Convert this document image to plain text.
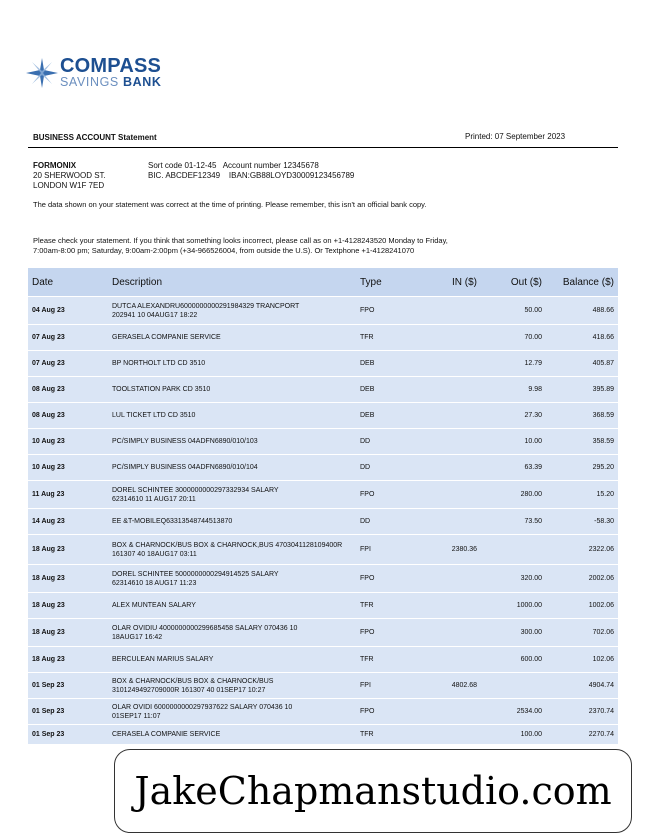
COMPASS
SAVINGS BANK
BUSINESS ACCOUNT Statement	Printed: 07 September 2023
FORMONIX
20 SHERWOOD ST.
LONDON W1F 7ED
Sort code 01-12-45   Account number 12345678
BIC. ABCDEF12349    IBAN:GB88LOYD30009123456789
The data shown on your statement was correct at the time of printing. Please remember, this isn't an official bank copy.
Please check your statement. If you think that something looks incorrect, please call as on +1-4128243520 Monday to Friday, 7:00am-8:00 pm; Saturday, 9:00am-2:00pm (+34-966526004, from outside the U.S). Or Textphone +1-4128241070
Date	Description	Type	IN ($)	Out ($)	Balance ($)
04 Aug 23	DUTCA ALEXANDRU6000000000291984329 TRANCPORT
202941 10 04AUG17 18:22	FPO		50.00	488.66
07 Aug 23	GERASELA COMPANIE SERVICE	TFR		70.00	418.66
07 Aug 23	BP NORTHOLT LTD CD 3510	DEB		12.79	405.87
08 Aug 23	TOOLSTATION PARK CD 3510	DEB		9.98	395.89
08 Aug 23	LUL TICKET LTD CD 3510	DEB		27.30	368.59
10 Aug 23	PC/SIMPLY BUSINESS 04ADFN6890/010/103	DD		10.00	358.59
10 Aug 23	PC/SIMPLY BUSINESS 04ADFN6890/010/104	DD		63.39	295.20
11 Aug 23	DOREL SCHINTEE 3000000000297332934 SALARY
62314610 11 AUG17 20:11	FPO		280.00	15.20
14 Aug 23	EE &T-MOBILEQ63313548744513870	DD		73.50	-58.30
18 Aug 23	BOX & CHARNOCK/BUS BOX & CHARNOCK,BUS 4703041128109400R
161307 40 18AUG17 03:11	FPI	2380.36		2322.06
18 Aug 23	DOREL SCHINTEE 5000000000294914525 SALARY
62314610 18 AUG17 11:23	FPO		320.00	2002.06
18 Aug 23	ALEX MUNTEAN SALARY	TFR		1000.00	1002.06
18 Aug 23	OLAR OVIDIU 4000000000299685458 SALARY 070436 10
18AUG17 16:42	FPO		300.00	702.06
18 Aug 23	BERCULEAN MARIUS SALARY	TFR		600.00	102.06
01 Sep 23	BOX & CHARNOCK/BUS BOX & CHARNOCK/BUS
3101249492709000R 161307 40 01SEP17 10:27	FPI	4802.68		4904.74
01 Sep 23	OLAR OVIDI 6000000000297937622 SALARY 070436 10
01SEP17 11:07	FPO		2534.00	2370.74
01 Sep 23	CERASELA COMPANIE SERVICE	TFR		100.00	2270.74
JakeChapmanstudio.com
